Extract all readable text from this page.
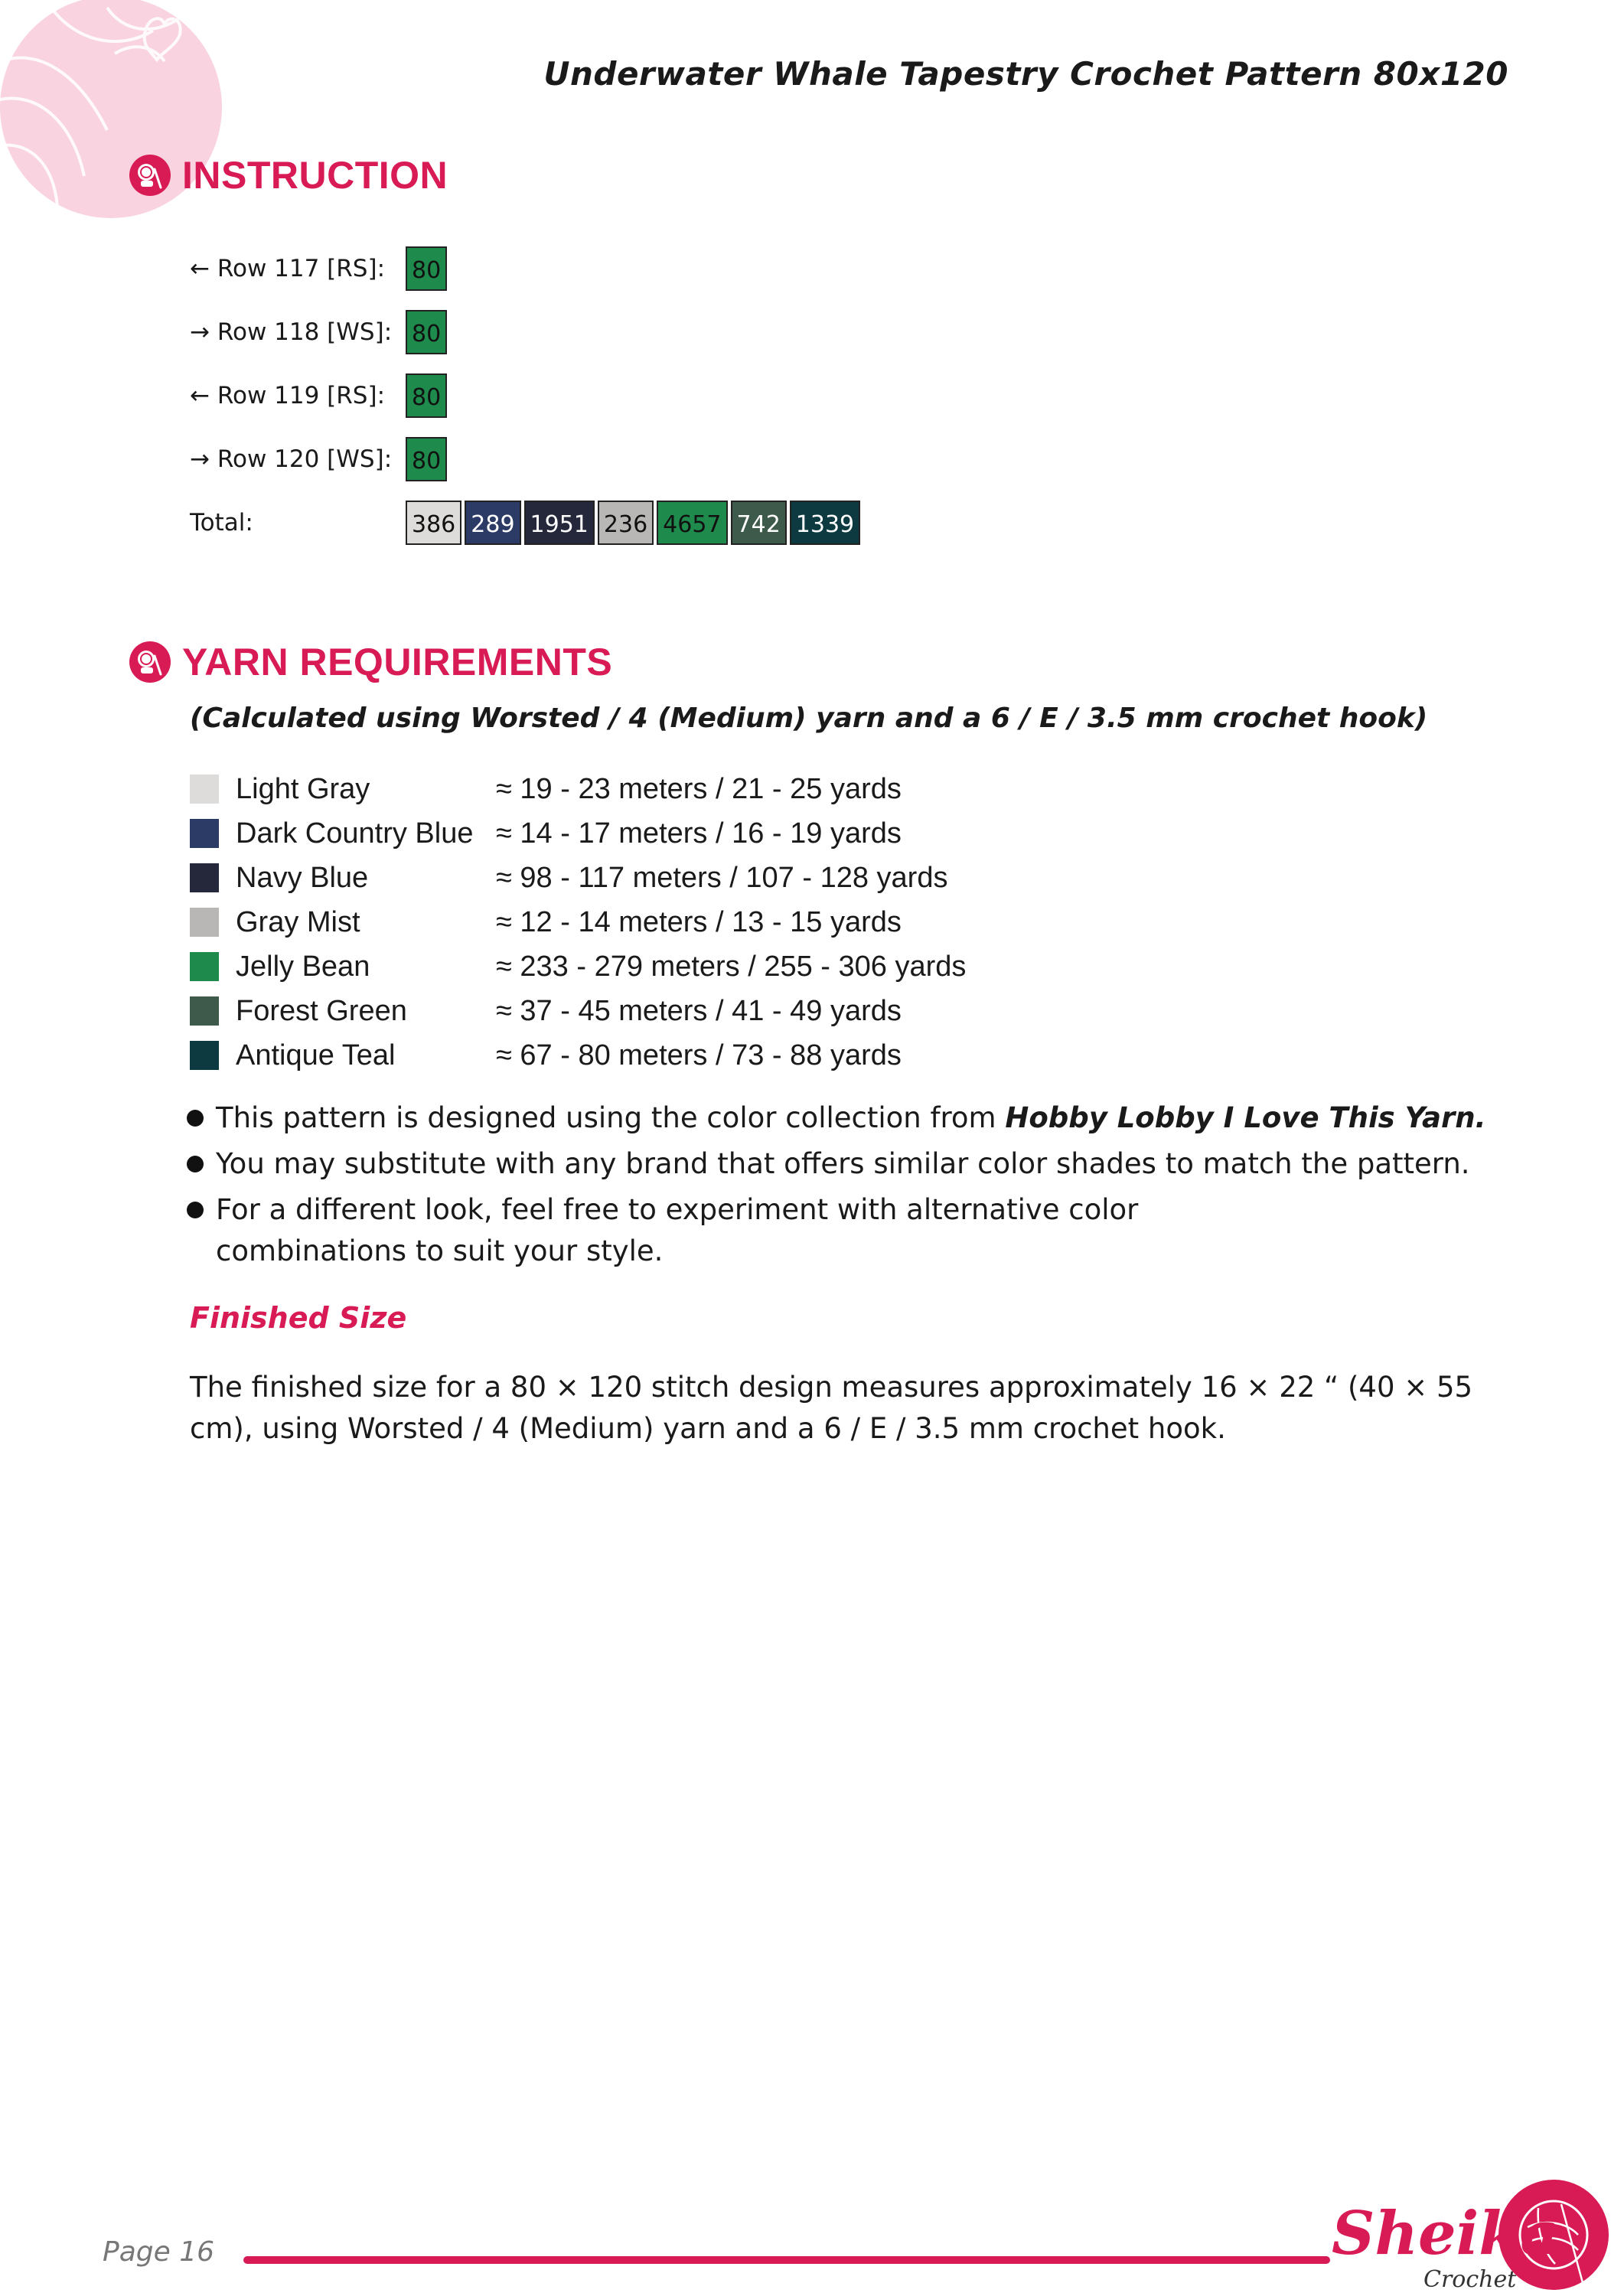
Underwater Whale Tapestry Crochet Pattern 80x120
INSTRUCTION
← Row 117 [RS]:	80
→ Row 118 [WS]: 80
← Row 119 [RS]:	80
→ Row 120 [WS]: 80
Total:	386 289 1951 236 4657 742 1339
YARN REQUIREMENTS
(Calculated using Worsted / 4 (Medium) yarn and a 6 / E / 3.5 mm crochet hook)
Light Gray	≈ 19 - 23 meters / 21 - 25 yards
Dark Country Blue ≈ 14 - 17 meters / 16 - 19 yards
Navy Blue	≈ 98 - 117 meters / 107 - 128 yards
Gray Mist	≈ 12 - 14 meters / 13 - 15 yards
Jelly Bean	≈ 233 - 279 meters / 255 - 306 yards
Forest Green	≈ 37 - 45 meters / 41 - 49 yards
Antique Teal	≈ 67 - 80 meters / 73 - 88 yards
This pattern is designed using the color collection from Hobby Lobby I Love This Yarn.
You may substitute with any brand that offers similar color shades to match the pattern.
For a different look, feel free to experiment with alternative color combinations to suit your style.
Finished Size
The finished size for a 80 × 120 stitch design measures approximately 16 × 22 “ (40 × 55 cm), using Worsted / 4 (Medium) yarn and a 6 / E / 3.5 mm crochet hook.
Page 16	Sheika
Crochet
